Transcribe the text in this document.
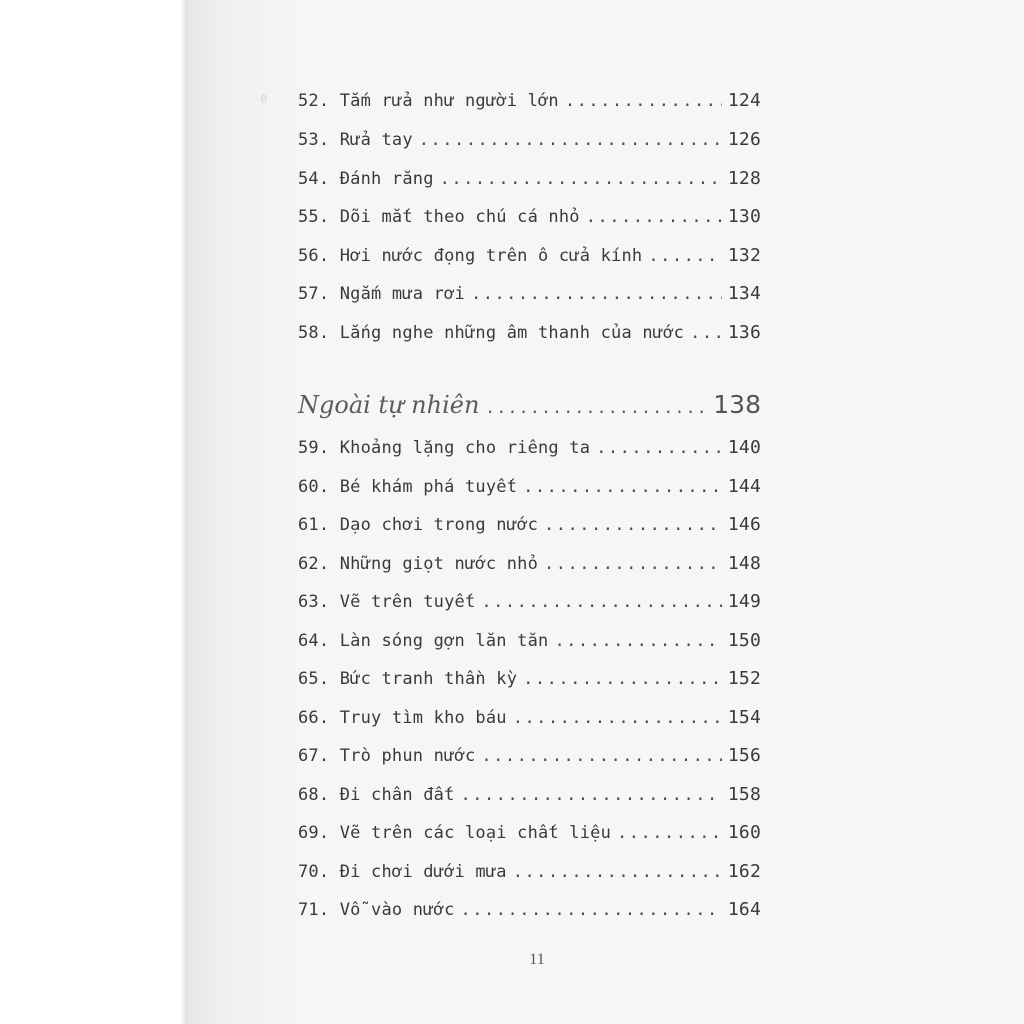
⁰	52. Tắm rửa như người lớn .....	124
53. Rửa tay .....	126
54. Đánh răng .....	128
55. Dõi mắt theo chú cá nhỏ .....	130
56. Hơi nước đọng trên ô cửa kính .....	132
57. Ngắm mưa rơi .....	134
58. Lắng nghe những âm thanh của nước ..... 136
Ngoài tự nhiên .....	138
59. Khoảng lặng cho riêng ta .....	140
60. Bé khám phá tuyết .....	144
61. Dạo chơi trong nước .....	146
62. Những giọt nước nhỏ .....	148
63. Vẽ trên tuyết .....	149
64. Làn sóng gợn lăn tăn .....	150
65. Bức tranh thần kỳ .....	152
66. Truy tìm kho báu .....	154
67. Trò phun nước .....	156
68. Đi chân đất .....	158
69. Vẽ trên các loại chất liệu .....	160
70. Đi chơi dưới mưa .....	162
71. Vỗ vào nước .....	164
11
